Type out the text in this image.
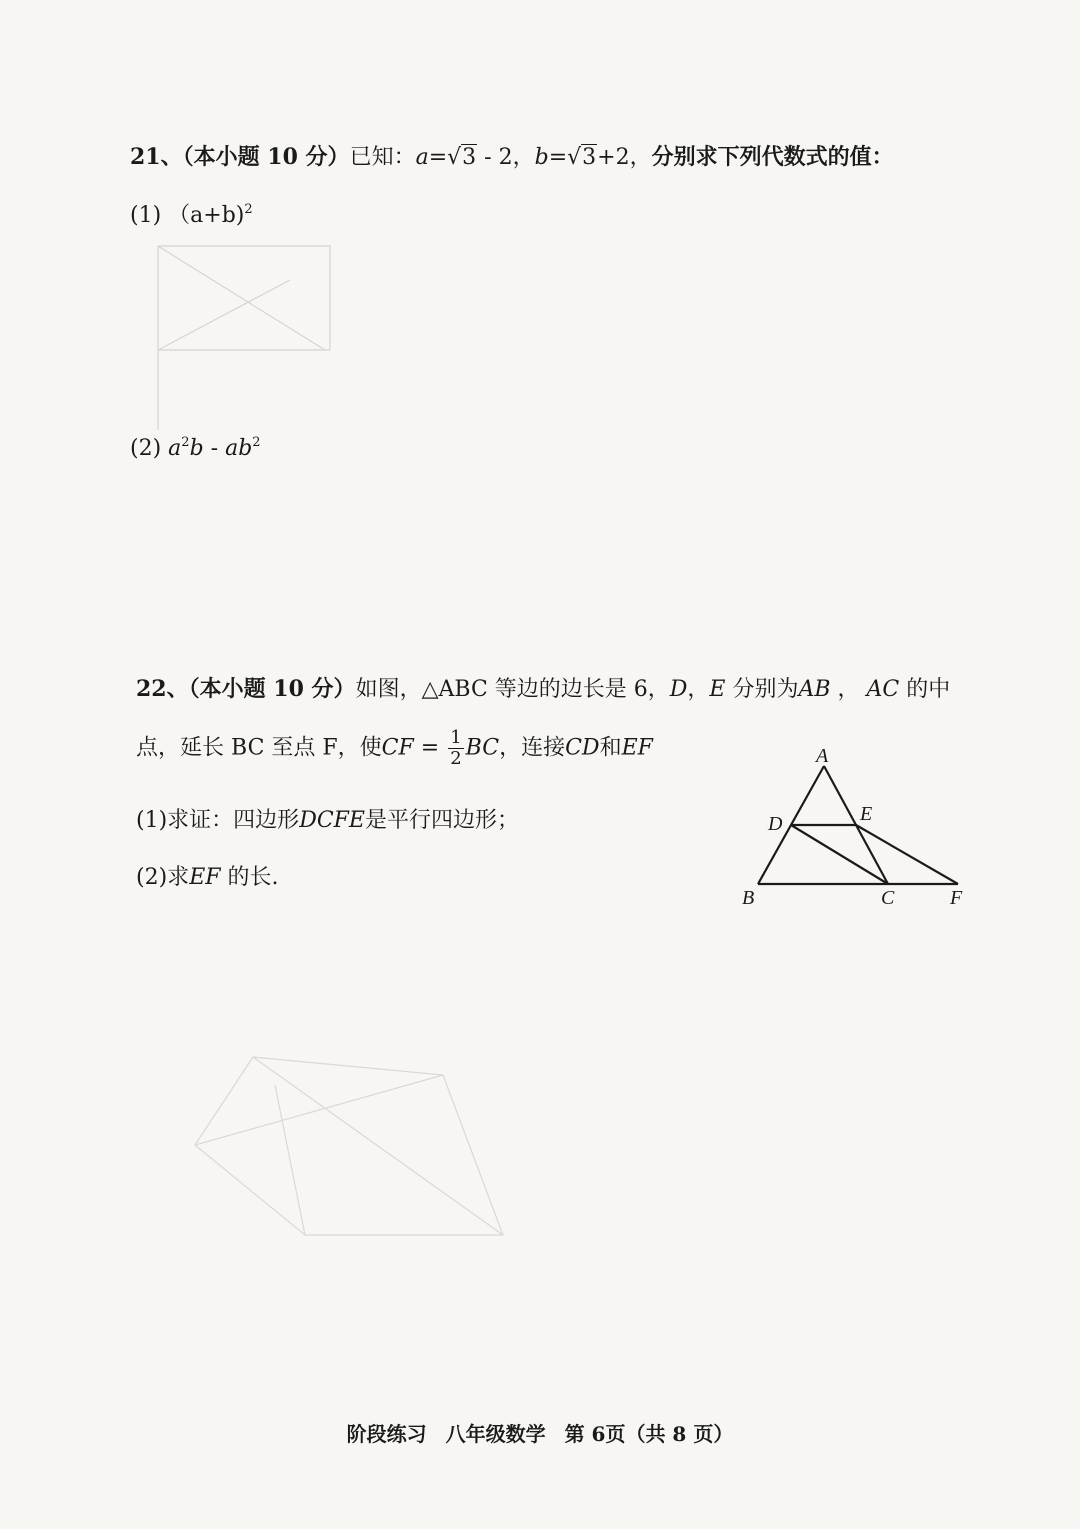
21、（本小题 10 分）已知：a=√3 - 2，b=√3+2，分别求下列代数式的值：
(1) （a+b)$^2$
(2) $a^2b - ab^2$
22、（本小题 10 分）如图，△ABC 等边的边长是 6，D，E 分别为AB ， AC 的中
点，延长 BC 至点 F，使CF = $\frac{1}{2}$ BC，连接CD和EF
(1)求证：四边形DCFE是平行四边形；
(2)求EF 的长.
A
D	E
B	C	F
阶段练习 八年级数学 第 6页（共 8 页）
